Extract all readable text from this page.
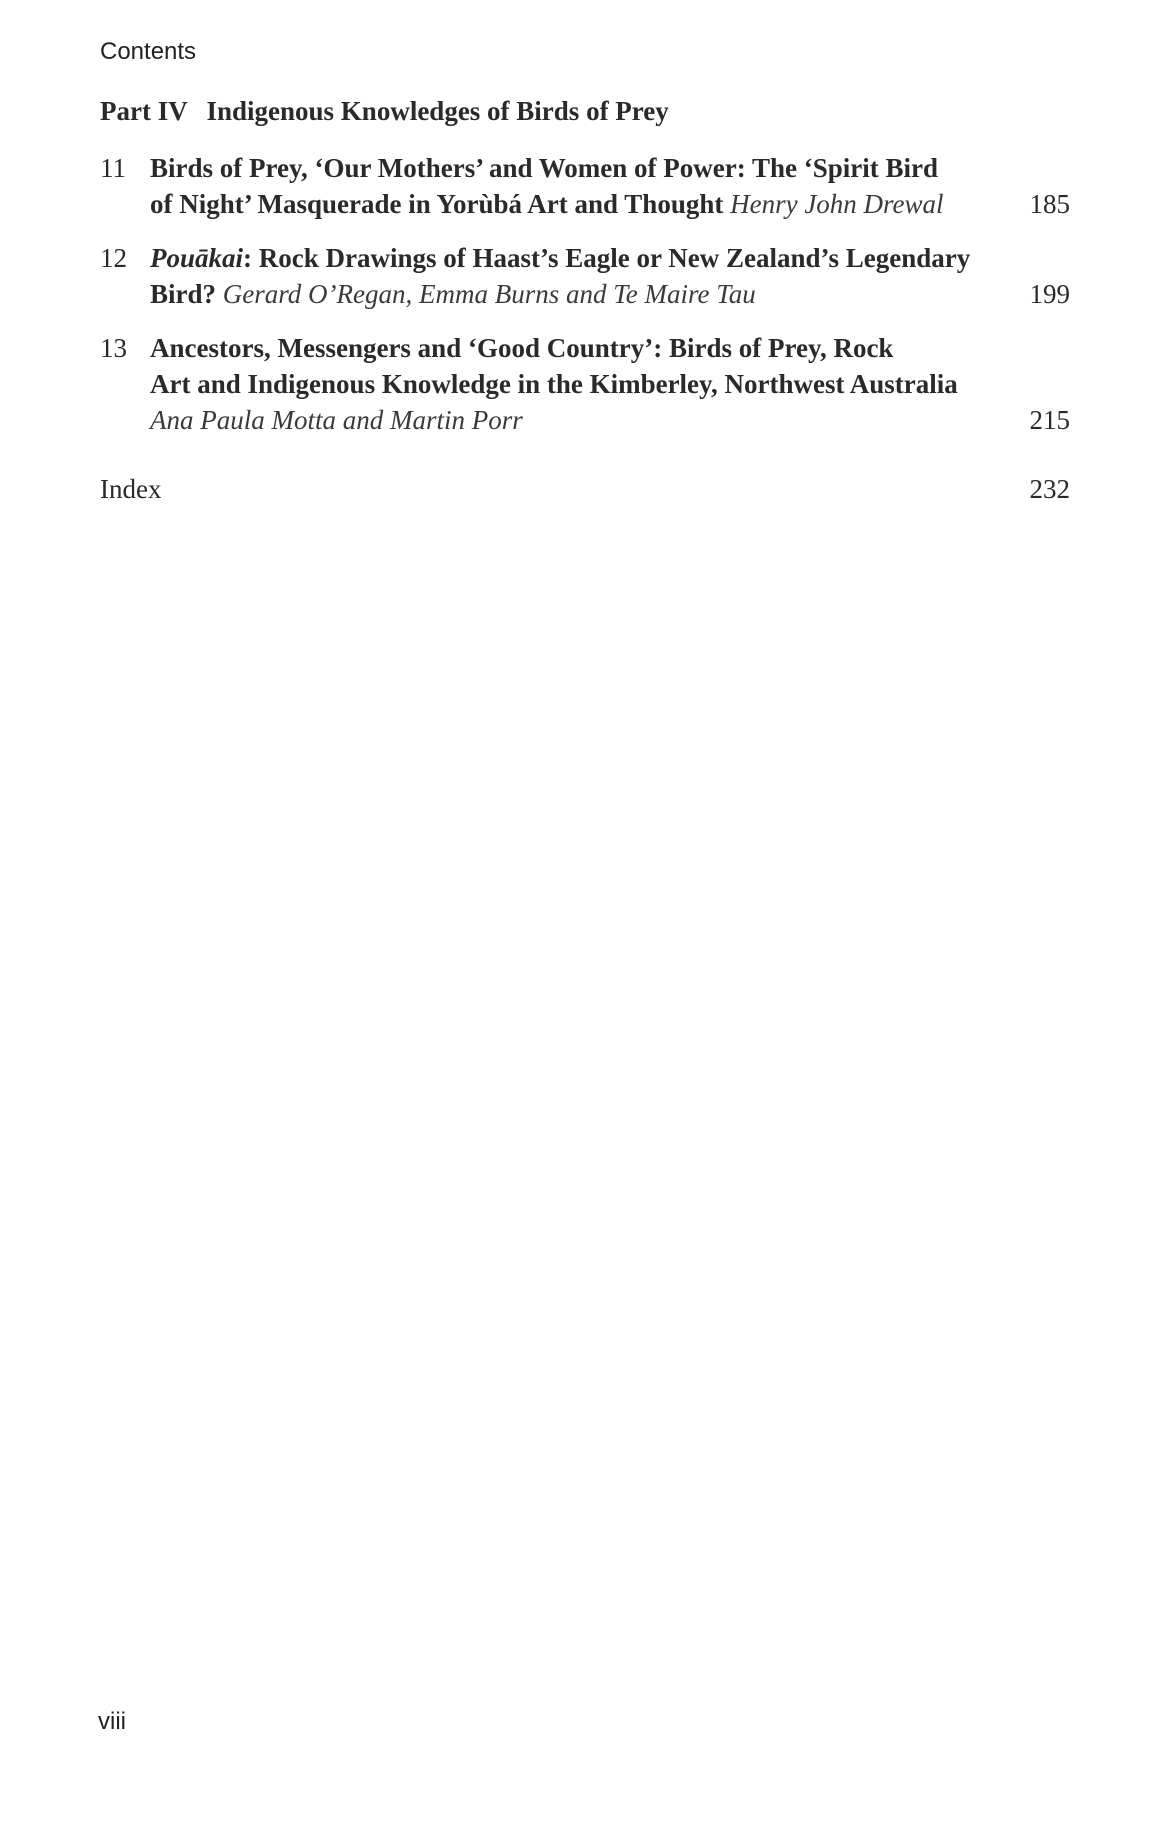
Contents
Part IV Indigenous Knowledges of Birds of Prey
11 Birds of Prey, ‘Our Mothers’ and Women of Power: The ‘Spirit Bird
of Night’ Masquerade in Yorùbá Art and Thought Henry John Drewal	185
12 Pouākai: Rock Drawings of Haast’s Eagle or New Zealand’s Legendary
Bird? Gerard O’Regan, Emma Burns and Te Maire Tau	199
13 Ancestors, Messengers and ‘Good Country’: Birds of Prey, Rock
Art and Indigenous Knowledge in the Kimberley, Northwest Australia
Ana Paula Motta and Martin Porr	215
Index	232
viii
